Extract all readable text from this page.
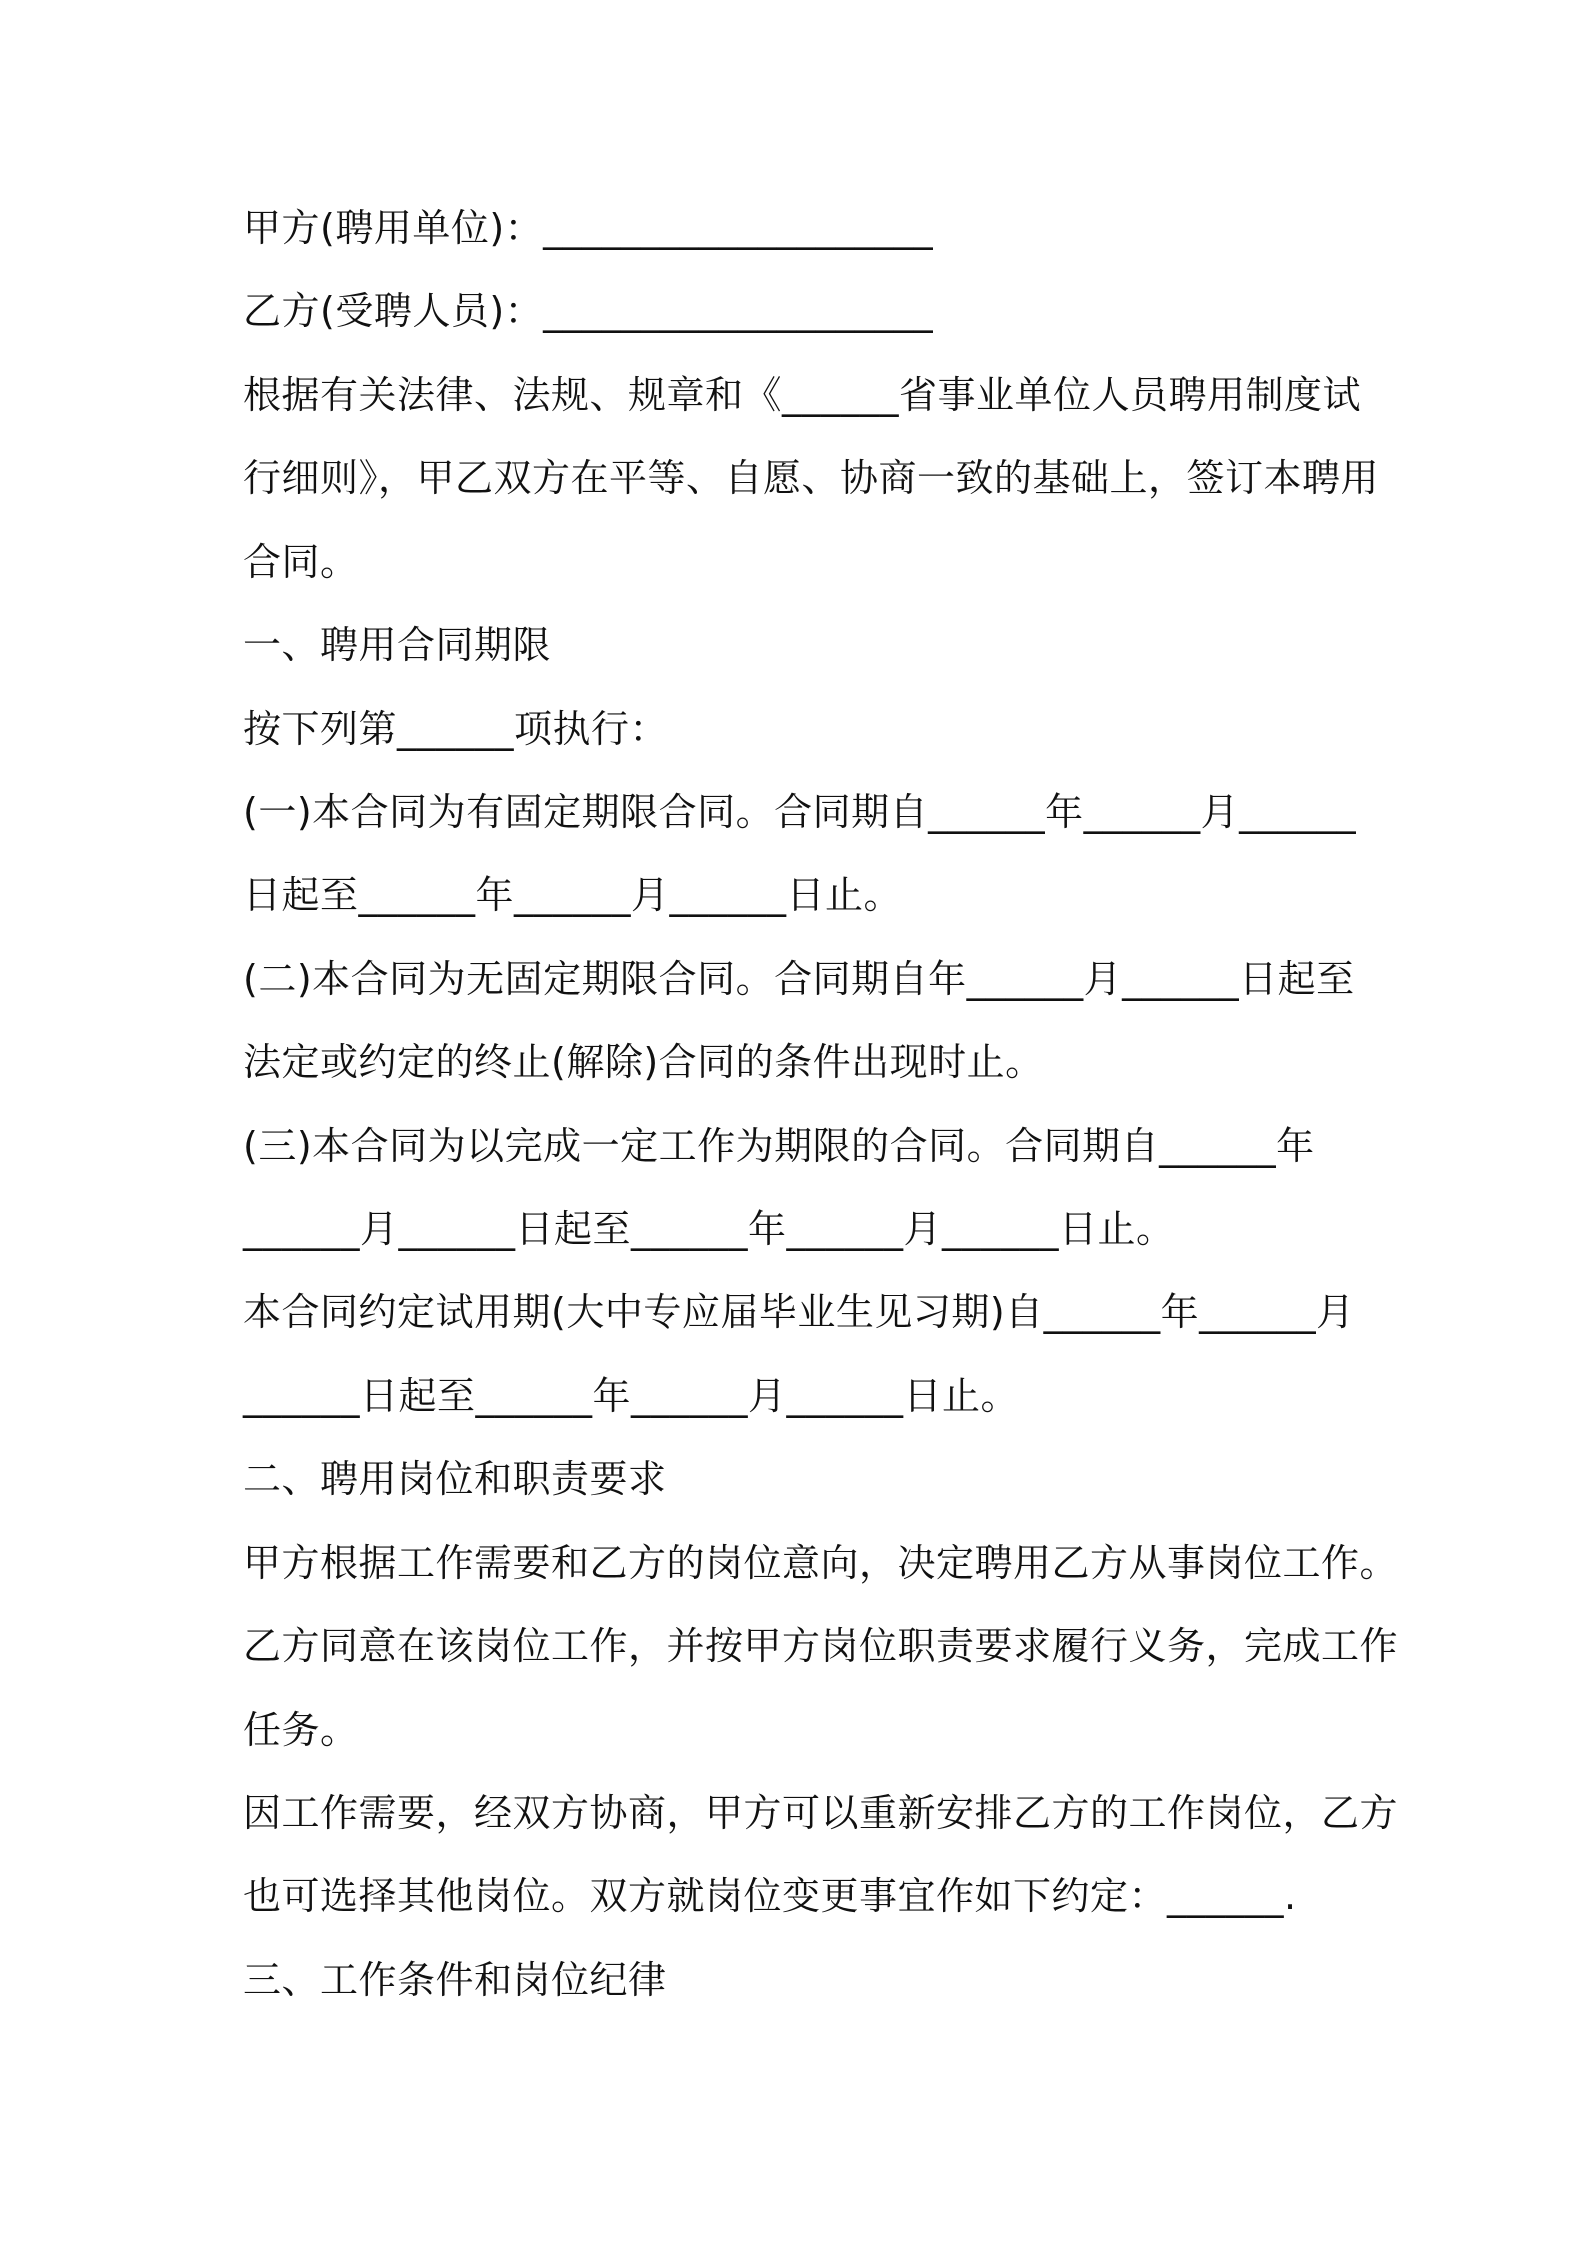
甲方(聘用单位)：____________________
乙方(受聘人员)：____________________
根据有关法律、法规、规章和《______省事业单位人员聘用制度试
行细则》，甲乙双方在平等、自愿、协商一致的基础上，签订本聘用
合同。
一、聘用合同期限
按下列第______项执行：
(一)本合同为有固定期限合同。合同期自______年______月______
日起至______年______月______日止。
(二)本合同为无固定期限合同。合同期自年______月______日起至
法定或约定的终止(解除)合同的条件出现时止。
(三)本合同为以完成一定工作为期限的合同。合同期自______年
______月______日起至______年______月______日止。
本合同约定试用期(大中专应届毕业生见习期)自______年______月
______日起至______年______月______日止。
二、聘用岗位和职责要求
甲方根据工作需要和乙方的岗位意向，决定聘用乙方从事岗位工作。
乙方同意在该岗位工作，并按甲方岗位职责要求履行义务，完成工作
任务。
因工作需要，经双方协商，甲方可以重新安排乙方的工作岗位，乙方
也可选择其他岗位。双方就岗位变更事宜作如下约定：______.
三、工作条件和岗位纪律
